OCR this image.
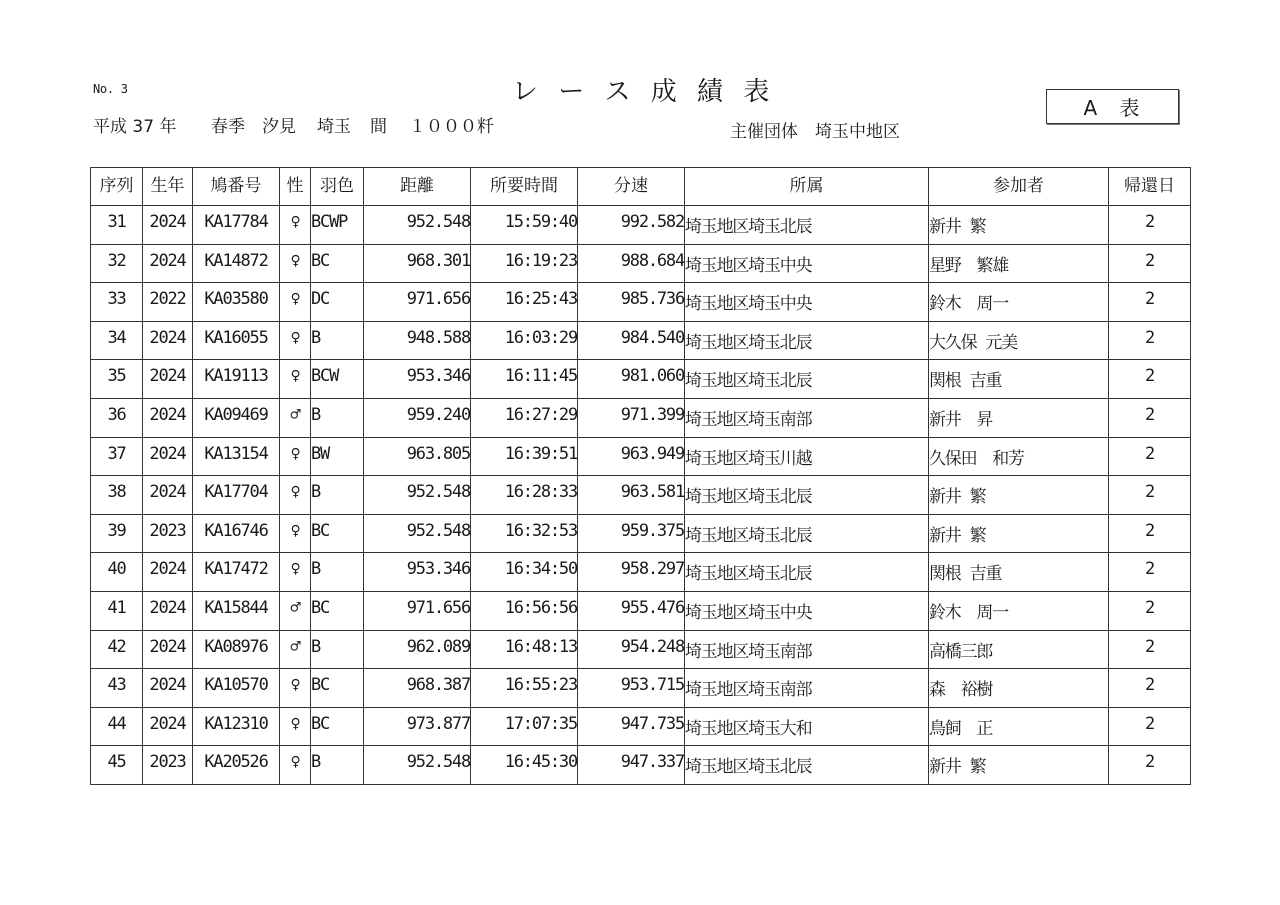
No. 3	レ ー ス 成 績 表
A 表
平成 37 年 春季 汐見 埼玉 間 １０００粁	主催団体　埼玉中地区
序列	生年	鳩番号	性	羽色	距離	所要時間	分速	所属	参加者	帰還日
31	2024	KA17784	♀	BCWP	952.548	15:59:40	992.582	埼玉地区埼玉北辰	新井 繁	2
32	2024	KA14872	♀	BC	968.301	16:19:23	988.684	埼玉地区埼玉中央	星野　繁雄	2
33	2022	KA03580	♀	DC	971.656	16:25:43	985.736	埼玉地区埼玉中央	鈴木　周一	2
34	2024	KA16055	♀	B	948.588	16:03:29	984.540	埼玉地区埼玉北辰	大久保 元美	2
35	2024	KA19113	♀	BCW	953.346	16:11:45	981.060	埼玉地区埼玉北辰	関根 吉重	2
36	2024	KA09469	♂	B	959.240	16:27:29	971.399	埼玉地区埼玉南部	新井　昇	2
37	2024	KA13154	♀	BW	963.805	16:39:51	963.949	埼玉地区埼玉川越	久保田　和芳	2
38	2024	KA17704	♀	B	952.548	16:28:33	963.581	埼玉地区埼玉北辰	新井 繁	2
39	2023	KA16746	♀	BC	952.548	16:32:53	959.375	埼玉地区埼玉北辰	新井 繁	2
40	2024	KA17472	♀	B	953.346	16:34:50	958.297	埼玉地区埼玉北辰	関根 吉重	2
41	2024	KA15844	♂	BC	971.656	16:56:56	955.476	埼玉地区埼玉中央	鈴木　周一	2
42	2024	KA08976	♂	B	962.089	16:48:13	954.248	埼玉地区埼玉南部	高橋三郎	2
43	2024	KA10570	♀	BC	968.387	16:55:23	953.715	埼玉地区埼玉南部	森　裕樹	2
44	2024	KA12310	♀	BC	973.877	17:07:35	947.735	埼玉地区埼玉大和	鳥飼　正	2
45	2023	KA20526	♀	B	952.548	16:45:30	947.337	埼玉地区埼玉北辰	新井 繁	2
